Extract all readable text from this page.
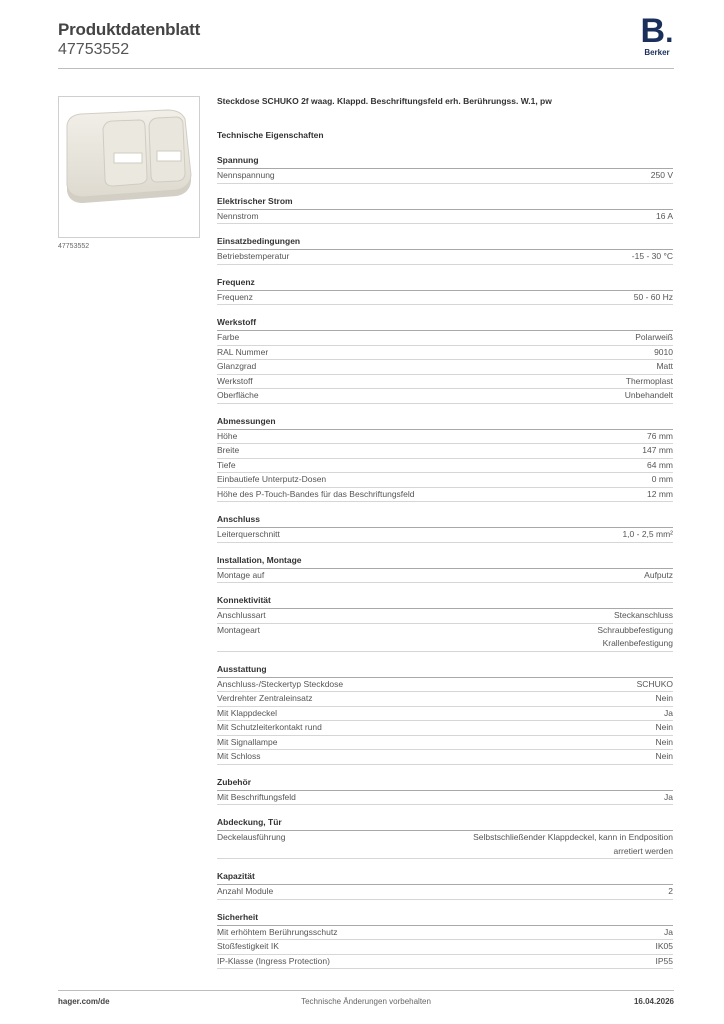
Produktdatenblatt
47753552	B.
Berker
47753552
Steckdose SCHUKO 2f waag. Klappd. Beschriftungsfeld erh. Berührungss. W.1, pw
Technische Eigenschaften
Spannung
Nennspannung	250 V
Elektrischer Strom
Nennstrom	16 A
Einsatzbedingungen
Betriebstemperatur	-15 - 30 °C
Frequenz
Frequenz	50 - 60 Hz
Werkstoff
Farbe	Polarweiß
RAL Nummer	9010
Glanzgrad	Matt
Werkstoff	Thermoplast
Oberfläche	Unbehandelt
Abmessungen
Höhe	76 mm
Breite	147 mm
Tiefe	64 mm
Einbautiefe Unterputz-Dosen	0 mm
Höhe des P-Touch-Bandes für das Beschriftungsfeld	12 mm
Anschluss
Leiterquerschnitt	1,0 - 2,5 mm²
Installation, Montage
Montage auf	Aufputz
Konnektivität
Anschlussart	Steckanschluss
Montageart	Schraubbefestigung
Krallenbefestigung
Ausstattung
Anschluss-/Steckertyp Steckdose	SCHUKO
Verdrehter Zentraleinsatz	Nein
Mit Klappdeckel	Ja
Mit Schutzleiterkontakt rund	Nein
Mit Signallampe	Nein
Mit Schloss	Nein
Zubehör
Mit Beschriftungsfeld	Ja
Abdeckung, Tür
Deckelausführung	Selbstschließender Klappdeckel, kann in Endposition
arretiert werden
Kapazität
Anzahl Module	2
Sicherheit
Mit erhöhtem Berührungsschutz	Ja
Stoßfestigkeit IK	IK05
IP-Klasse (Ingress Protection)	IP55
hager.com/de	Technische Änderungen vorbehalten	16.04.2026
